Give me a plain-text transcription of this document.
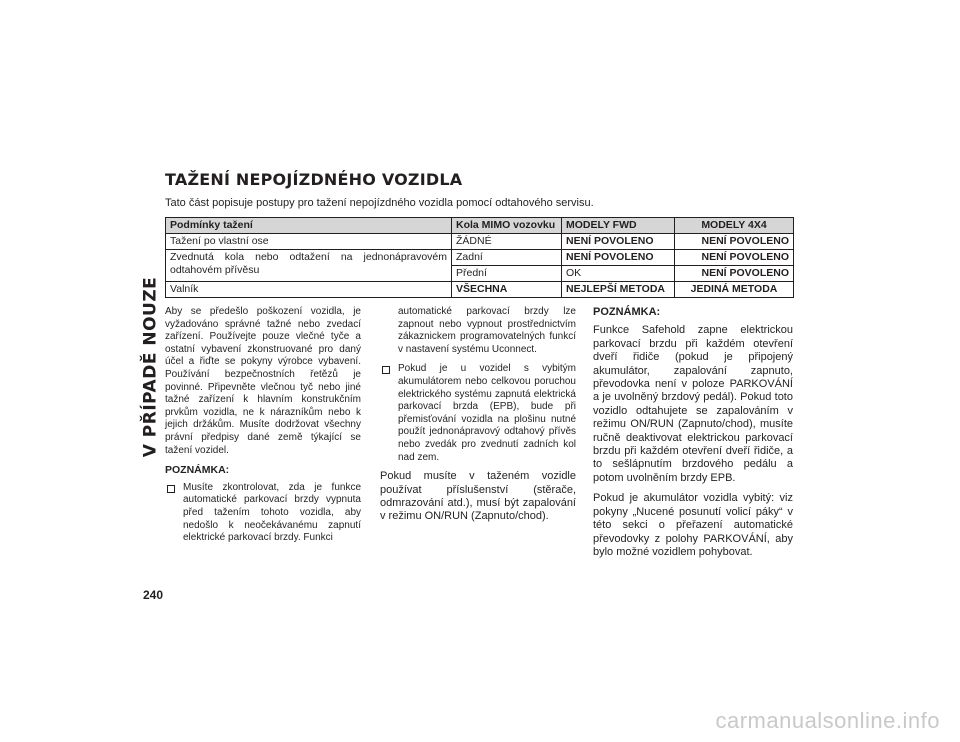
V PŘÍPADĚ NOUZE
240
TAŽENÍ NEPOJÍZDNÉHO VOZIDLA
Tato část popisuje postupy pro tažení nepojízdného vozidla pomocí odtahového servisu.
Podmínky tažení	Kola MIMO vozovku	MODELY FWD	MODELY 4X4
Tažení po vlastní ose	ŽÁDNÉ	NENÍ POVOLENO	NENÍ POVOLENO
Zvednutá kola nebo odtažení na jednonápravovém odtahovém přívěsu	Zadní	NENÍ POVOLENO	NENÍ POVOLENO
	Přední	OK	NENÍ POVOLENO
Valník	VŠECHNA	NEJLEPŠÍ METODA	JEDINÁ METODA

Aby se předešlo poškození vozidla, je vyžadováno správné tažné nebo zvedací zařízení. Používejte pouze vlečné tyče a ostatní vybavení zkonstruované pro daný účel a řiďte se pokyny výrobce vybavení. Používání bezpečnostních řetězů je povinné. Připevněte vlečnou tyč nebo jiné tažné zařízení k hlavním konstrukčním prvkům vozidla, ne k nárazníkům nebo k jejich držákům. Musíte dodržovat všechny právní předpisy dané země týkající se tažení vozidel.

POZNÁMKA:
Musíte zkontrolovat, zda je funkce automatické parkovací brzdy vypnuta před tažením tohoto vozidla, aby nedošlo k neočekávanému zapnutí elektrické parkovací brzdy. Funkci

automatické parkovací brzdy lze zapnout nebo vypnout prostřednictvím zákaznickem programovatelných funkcí v nastavení systému Uconnect.

Pokud je u vozidel s vybitým akumulátorem nebo celkovou poruchou elektrického systému zapnutá elektrická parkovací brzda (EPB), bude při přemisťování vozidla na plošinu nutné použít jednonápravový odtahový přívěs nebo zvedák pro zvednutí zadních kol nad zem.

Pokud musíte v taženém vozidle používat příslušenství (stěrače, odmrazování atd.), musí být zapalování v režimu ON/RUN (Zapnuto/chod).

POZNÁMKA:

Funkce Safehold zapne elektrickou parkovací brzdu při každém otevření dveří řidiče (pokud je připojený akumulátor, zapalování zapnuto, převodovka není v poloze PARKOVÁNÍ a je uvolněný brzdový pedál). Pokud toto vozidlo odtahujete se zapalováním v režimu ON/RUN (Zapnuto/chod), musíte ručně deaktivovat elektrickou parkovací brzdu při každém otevření dveří řidiče, a to sešlápnutím brzdového pedálu a potom uvolněním brzdy EPB.

Pokud je akumulátor vozidla vybitý: viz pokyny „Nucené posunutí volicí páky“ v této sekci o přeřazení automatické převodovky z polohy PARKOVÁNÍ, aby bylo možné vozidlem pohybovat.

carmanualsonline.info
